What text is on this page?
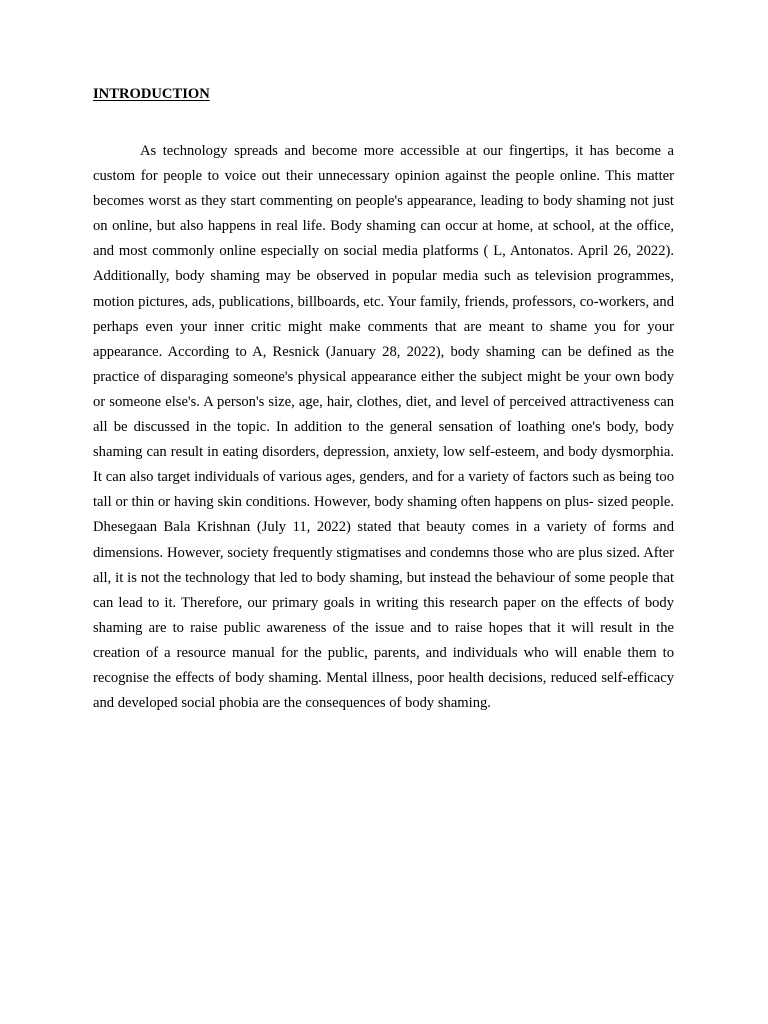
INTRODUCTION

As technology spreads and become more accessible at our fingertips, it has become a custom for people to voice out their unnecessary opinion against the people online. This matter becomes worst as they start commenting on people's appearance, leading to body shaming not just on online, but also happens in real life. Body shaming can occur at home, at school, at the office, and most commonly online especially on social media platforms ( L, Antonatos. April 26, 2022). Additionally, body shaming may be observed in popular media such as television programmes, motion pictures, ads, publications, billboards, etc. Your family, friends, professors, co-workers, and perhaps even your inner critic might make comments that are meant to shame you for your appearance. According to A, Resnick (January 28, 2022), body shaming can be defined as the practice of disparaging someone's physical appearance either the subject might be your own body or someone else's. A person's size, age, hair, clothes, diet, and level of perceived attractiveness can all be discussed in the topic. In addition to the general sensation of loathing one's body, body shaming can result in eating disorders, depression, anxiety, low self-esteem, and body dysmorphia. It can also target individuals of various ages, genders, and for a variety of factors such as being too tall or thin or having skin conditions. However, body shaming often happens on plus- sized people. Dhesegaan Bala Krishnan (July 11, 2022) stated that beauty comes in a variety of forms and dimensions. However, society frequently stigmatises and condemns those who are plus sized. After all, it is not the technology that led to body shaming, but instead the behaviour of some people that can lead to it. Therefore, our primary goals in writing this research paper on the effects of body shaming are to raise public awareness of the issue and to raise hopes that it will result in the creation of a resource manual for the public, parents, and individuals who will enable them to recognise the effects of body shaming. Mental illness, poor health decisions, reduced self-efficacy and developed social phobia are the consequences of body shaming.
